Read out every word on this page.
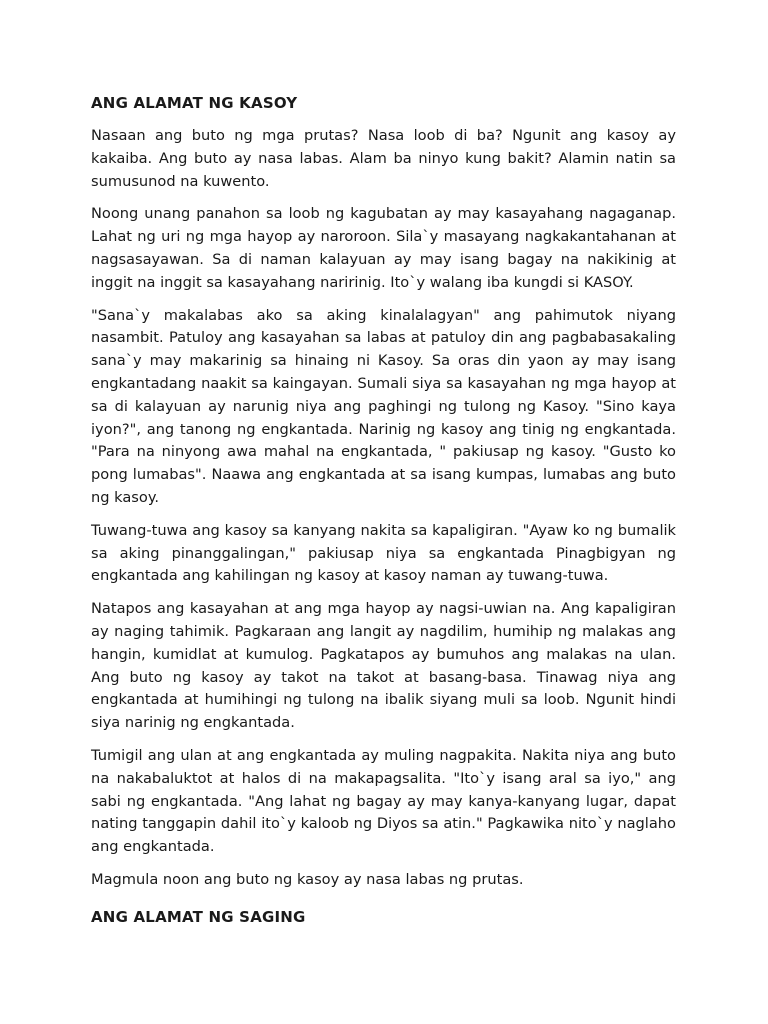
ANG ALAMAT NG KASOY

Nasaan ang buto ng mga prutas? Nasa loob di ba? Ngunit ang kasoy ay kakaiba. Ang buto ay nasa labas. Alam ba ninyo kung bakit? Alamin natin sa sumusunod na kuwento.

Noong unang panahon sa loob ng kagubatan ay may kasayahang nagaganap. Lahat ng uri ng mga hayop ay naroroon. Sila`y masayang nagkakantahanan at nagsasayawan. Sa di naman kalayuan ay may isang bagay na nakikinig at inggit na inggit sa kasayahang naririnig. Ito`y walang iba kungdi si KASOY.

"Sana`y makalabas ako sa aking kinalalagyan" ang pahimutok niyang nasambit. Patuloy ang kasayahan sa labas at patuloy din ang pagbabasakaling sana`y may makarinig sa hinaing ni Kasoy. Sa oras din yaon ay may isang engkantadang naakit sa kaingayan. Sumali siya sa kasayahan ng mga hayop at sa di kalayuan ay narunig niya ang paghingi ng tulong ng Kasoy. "Sino kaya iyon?", ang tanong ng engkantada. Narinig ng kasoy ang tinig ng engkantada. "Para na ninyong awa mahal na engkantada, " pakiusap ng kasoy. "Gusto ko pong lumabas". Naawa ang engkantada at sa isang kumpas, lumabas ang buto ng kasoy.

Tuwang-tuwa ang kasoy sa kanyang nakita sa kapaligiran. "Ayaw ko ng bumalik sa aking pinanggalingan," pakiusap niya sa engkantada Pinagbigyan ng engkantada ang kahilingan ng kasoy at kasoy naman ay tuwang-tuwa.

Natapos ang kasayahan at ang mga hayop ay nagsi-uwian na. Ang kapaligiran ay naging tahimik. Pagkaraan ang langit ay nagdilim, humihip ng malakas ang hangin, kumidlat at kumulog. Pagkatapos ay bumuhos ang malakas na ulan. Ang buto ng kasoy ay takot na takot at basang-basa. Tinawag niya ang engkantada at humihingi ng tulong na ibalik siyang muli sa loob. Ngunit hindi siya narinig ng engkantada.

Tumigil ang ulan at ang engkantada ay muling nagpakita. Nakita niya ang buto na nakabaluktot at halos di na makapagsalita. "Ito`y isang aral sa iyo," ang sabi ng engkantada. "Ang lahat ng bagay ay may kanya-kanyang lugar, dapat nating tanggapin dahil ito`y kaloob ng Diyos sa atin." Pagkawika nito`y naglaho ang engkantada.

Magmula noon ang buto ng kasoy ay nasa labas ng prutas.

ANG ALAMAT NG SAGING
